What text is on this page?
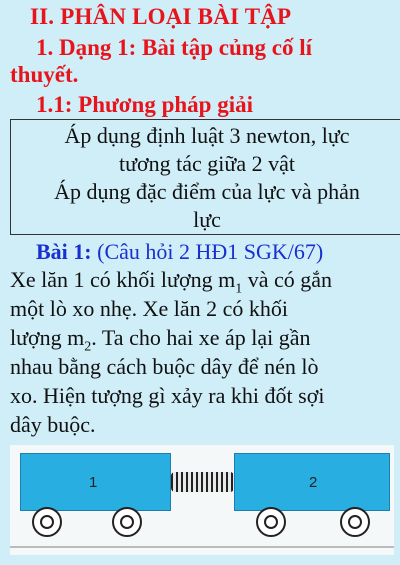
II. PHÂN LOẠI BÀI TẬP
1. Dạng 1: Bài tập củng cố lí
thuyết.
1.1: Phương pháp giải
Áp dụng định luật 3 newton, lực
tương tác giữa 2 vật
Áp dụng đặc điểm của lực và phản
lực
Bài 1: (Câu hỏi 2 HĐ1 SGK/67)
Xe lăn 1 có khối lượng $m_1$ và có gắn
một lò xo nhẹ. Xe lăn 2 có khối
lượng $m_2$. Ta cho hai xe áp lại gần
nhau bằng cách buộc dây để nén lò
xo. Hiện tượng gì xảy ra khi đốt sợi
dây buộc.
1	2
